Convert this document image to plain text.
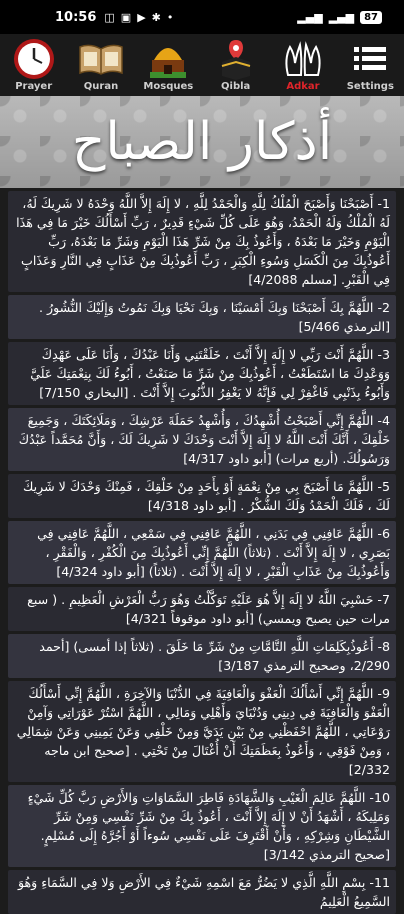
10:56 ◫ ▣ ▶ ✱ •	▂▄▆ ▂▄▆	87
Prayer	Quran	Mosques	Qibla	Adkar	Settings
أذكار الصباح
1- أَصْبَحْنَا وَأَصْبَحَ الْمُلْكُ لِلَّهِ وَالْحَمْدُ لِلَّهِ ، لا إِلَهَ إِلاَّ اللَّهُ وَحْدَهُ لا شَرِيكَ لَهُ، لَهُ الْمُلْكُ وَلَهُ الْحَمْدُ، وَهُوَ عَلَى كُلِّ شَيْءٍ قَدِيرٌ ، رَبِّ أَسْأَلُكَ خَيْرَ مَا فِي هَذَا الْيَوْمِ وَخَيْرَ مَا بَعْدَهُ ، وَأَعُوذُ بِكَ مِنْ شَرِّ هَذَا الْيَوْمِ وَشَرِّ مَا بَعْدَهُ، رَبِّ أَعُوذُبِكَ مِنَ الْكَسَلِ وَسُوءِ الْكِبَرِ ، رَبِّ أَعُوذُبِكَ مِنْ عَذَابٍ فِي النَّارِ وَعَذَابٍ فِي الْقَبْرِ. [مسلم 4/2088]
2- اللَّهُمَّ بِكَ أَصْبَحْنَا وَبِكَ أَمْسَيْنَا ، وَبِكَ نَحْيَا وَبِكَ نَمُوتُ وَإِلَيْكَ النُّشُورُ . [الترمذي 5/466]
3- اللَّهُمَّ أَنْتَ رَبِّي لا إِلَهَ إِلاَّ أَنْتَ ، خَلَقْتَنِي وَأَنَا عَبْدُكَ ، وَأَنَا عَلَى عَهْدِكَ وَوَعْدِكَ مَا اسْتَطَعْتُ ، أَعُوذُبِكَ مِنْ شَرِّ مَا صَنَعْتُ ، أَبُوءُ لَكَ بِنِعْمَتِكَ عَلَيَّ وَأَبُوءُ بِذَنْبِي فَاغْفِرْ لِي فَإِنَّهُ لا يَغْفِرُ الذُّنُوبَ إِلاَّ أَنْتَ . [البخاري 7/150]
4- اللَّهُمَّ إِنِّي أَصْبَحْتُ أُشْهِدُكَ ، وَأُشْهِدُ حَمَلَةَ عَرْشِكَ ، وَمَلَائِكَتَكَ ، وَجَمِيعَ خَلْقِكَ ، أَنَّكَ أَنْتَ اللَّهُ لا إِلَهَ إِلاَّ أَنْتَ وَحْدَكَ لا شَرِيكَ لَكَ ، وَأَنَّ مُحَمَّداً عَبْدُكَ وَرَسُولُكَ. (أربع مرات) [أبو داود 4/317]
5- اللَّهُمَّ مَا أَصْبَحَ بِي مِنْ نِعْمَةٍ أَوْ بِأَحَدٍ مِنْ خَلْقِكَ ، فَمِنْكَ وَحْدَكَ لا شَرِيكَ لَكَ ، فَلَكَ الْحَمْدُ وَلَكَ الشُّكْرُ . [أبو داود 4/318]
6- اللَّهُمَّ عَافِنِي فِي بَدَنِي ، اللَّهُمَّ عَافِنِي فِي سَمْعِي ، اللَّهُمَّ عَافِنِي فِي بَصَرِي ، لا إِلَهَ إِلاَّ أَنْتَ . (ثلاثاً) اللَّهُمَّ إِنِّي أَعُوذُبِكَ مِنَ الْكُفْرِ ، وَالْفَقْرِ ، وَأَعُوذُبِكَ مِنْ عَذَابِ الْقَبْرِ ، لا إِلَهَ إِلاَّ أَنْتَ . (ثلاثاً) [أبو داود 4/324]
7- حَسْبِيَ اللَّهُ لا إِلَهَ إِلاَّ هُوَ عَلَيْهِ تَوَكَّلْتُ وَهُوَ رَبُّ الْعَرْشِ الْعَظِيمِ . ( سبع مرات حين يصبح ويمسي) [أبو داود موقوفاً 4/321]
8- أَعُوذُبِكَلِمَاتِ اللَّهِ التَّامَّاتِ مِنْ شَرِّ مَا خَلَقَ . (ثلاثاً إذا أمسى) [أحمد 2/290، وصحيح الترمذي 3/187]
9- اللَّهُمَّ إِنِّي أَسْأَلُكَ الْعَفْوَ وَالْعَافِيَةَ فِي الدُّنْيَا وَالآخِرَةِ ، اللَّهُمَّ إِنِّي أَسْأَلُكَ الْعَفْوَ وَالْعَافِيَةَ فِي دِينِي وَدُنْيَايَ وَأَهْلِي وَمَالِي ، اللَّهُمَّ اسْتُرْ عَوْرَاتِي وَآمِنْ رَوْعَاتِي ، اللَّهُمَّ احْفَظْنِي مِنْ بَيْنِ يَدَيَّ وَمِنْ خَلْفِي وَعَنْ يَمِينِي وَعَنْ شِمَالِي ، وَمِنْ فَوْقِي ، وَأَعُوذُ بِعَظَمَتِكَ أَنْ أُغْتَالَ مِنْ تَحْتِي . [صحيح ابن ماجه 2/332]
10- اللَّهُمَّ عَالِمَ الْغَيْبِ وَالشَّهَادَةِ فَاطِرَ السَّمَاوَاتِ وَالأَرْضِ رَبَّ كُلِّ شَيْءٍ وَمَلِيكَهُ ، أَشْهَدُ أَنْ لا إِلَهَ إِلاَّ أَنْتَ ، أَعُوذُ بِكَ مِنْ شَرِّ نَفْسِي وَمِنْ شَرِّ الشَّيْطَانِ وَشِرْكِهِ ، وَأَنْ أَقْتَرِفَ عَلَى نَفْسِي سُوءاً أَوْ أَجُرَّهُ إِلَى مُسْلِمٍ. [صحيح الترمذي 3/142]
11- بِسْمِ اللَّهِ الَّذِي لا يَضُرُّ مَعَ اسْمِهِ شَيْءٌ فِي الأَرْضِ وَلا فِي السَّمَاءِ وَهُوَ السَّمِيعُ الْعَلِيمُ
